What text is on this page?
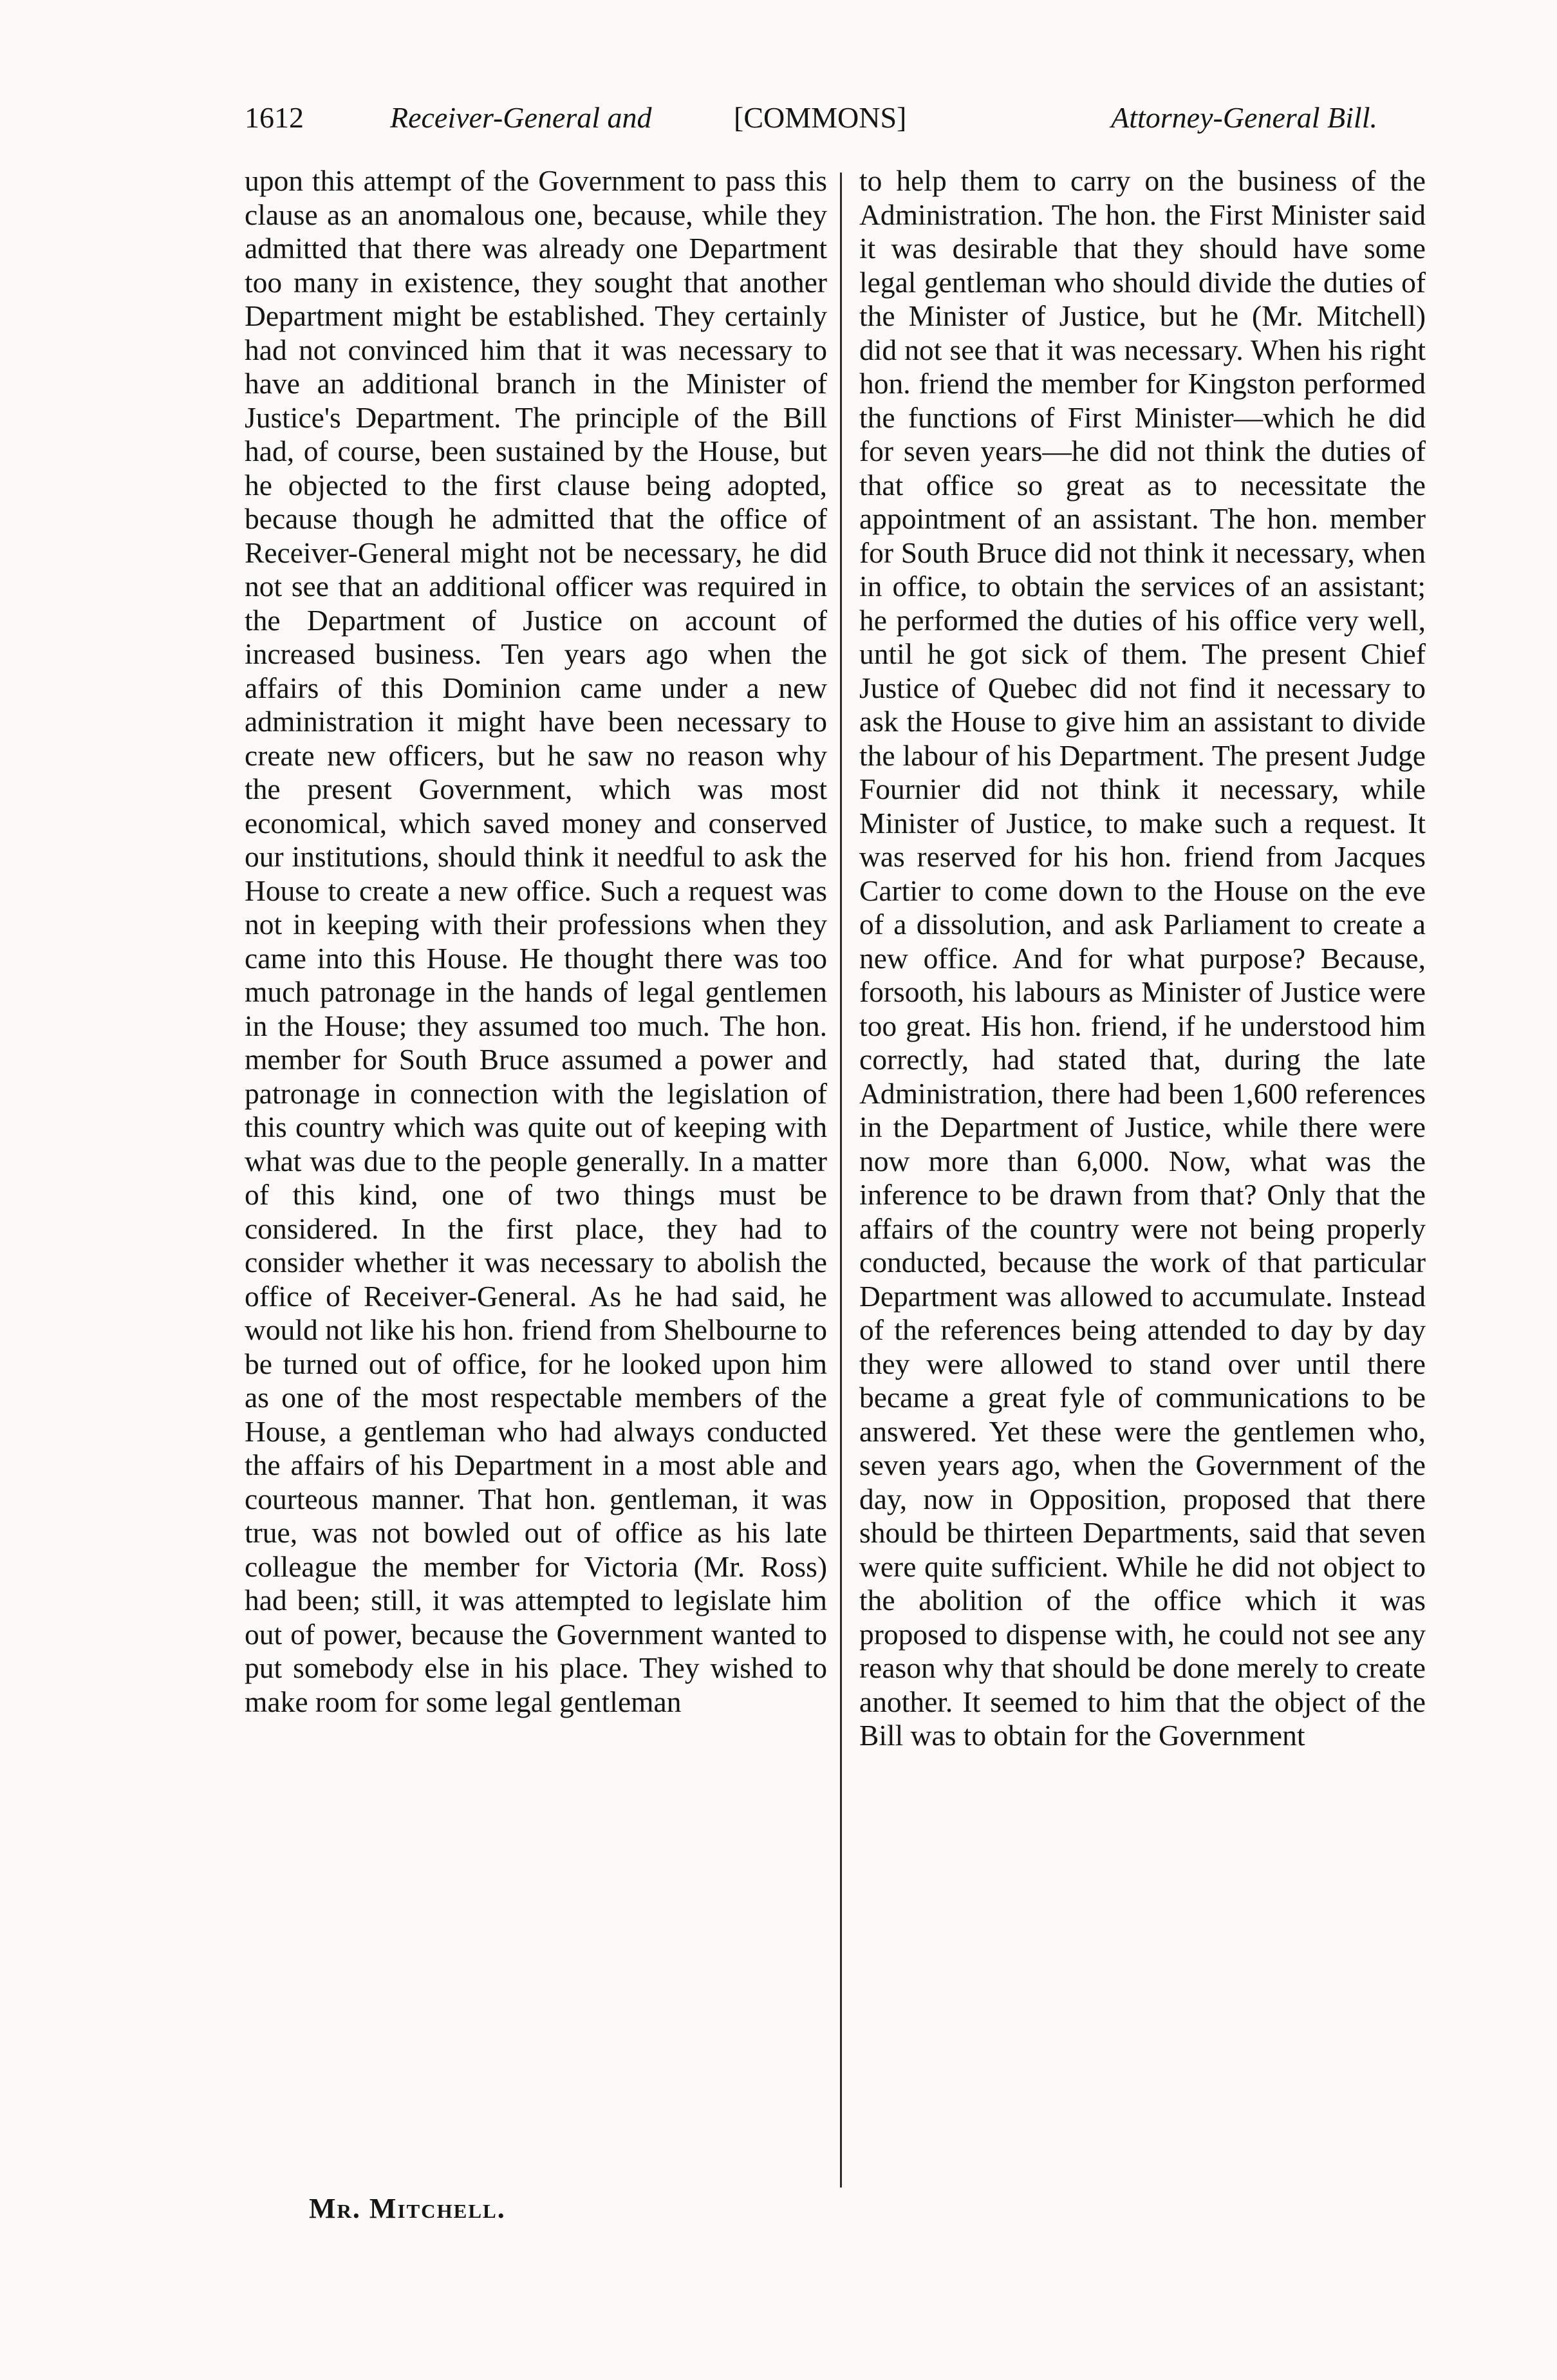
1612	Receiver-General and	[COMMONS]	Attorney-General Bill.

upon this attempt of the Government to pass this clause as an anomalous one, because, while they admitted that there was already one Department too many in existence, they sought that another Department might be established. They certainly had not convinced him that it was necessary to have an additional branch in the Minister of Justice's Department. The principle of the Bill had, of course, been sustained by the House, but he objected to the first clause being adopted, because though he admitted that the office of Receiver-General might not be necessary, he did not see that an additional officer was required in the Department of Justice on account of increased business. Ten years ago when the affairs of this Dominion came under a new administration it might have been necessary to create new officers, but he saw no reason why the present Government, which was most economical, which saved money and conserved our institutions, should think it needful to ask the House to create a new office. Such a request was not in keeping with their professions when they came into this House. He thought there was too much patronage in the hands of legal gentlemen in the House; they assumed too much. The hon. member for South Bruce assumed a power and patronage in connection with the legislation of this country which was quite out of keeping with what was due to the people generally. In a matter of this kind, one of two things must be considered. In the first place, they had to consider whether it was necessary to abolish the office of Receiver-General. As he had said, he would not like his hon. friend from Shelbourne to be turned out of office, for he looked upon him as one of the most respectable members of the House, a gentleman who had always conducted the affairs of his Department in a most able and courteous manner. That hon. gentleman, it was true, was not bowled out of office as his late colleague the member for Victoria (Mr. Ross) had been; still, it was attempted to legislate him out of power, because the Government wanted to put somebody else in his place. They wished to make room for some legal gentleman

to help them to carry on the business of the Administration. The hon. the First Minister said it was desirable that they should have some legal gentleman who should divide the duties of the Minister of Justice, but he (Mr. Mitchell) did not see that it was necessary. When his right hon. friend the member for Kingston performed the functions of First Minister—which he did for seven years—he did not think the duties of that office so great as to necessitate the appointment of an assistant. The hon. member for South Bruce did not think it necessary, when in office, to obtain the services of an assistant; he performed the duties of his office very well, until he got sick of them. The present Chief Justice of Quebec did not find it necessary to ask the House to give him an assistant to divide the labour of his Department. The present Judge Fournier did not think it necessary, while Minister of Justice, to make such a request. It was reserved for his hon. friend from Jacques Cartier to come down to the House on the eve of a dissolution, and ask Parliament to create a new office. And for what purpose? Because, forsooth, his labours as Minister of Justice were too great. His hon. friend, if he understood him correctly, had stated that, during the late Administration, there had been 1,600 references in the Department of Justice, while there were now more than 6,000. Now, what was the inference to be drawn from that? Only that the affairs of the country were not being properly conducted, because the work of that particular Department was allowed to accumulate. Instead of the references being attended to day by day they were allowed to stand over until there became a great fyle of communications to be answered. Yet these were the gentlemen who, seven years ago, when the Government of the day, now in Opposition, proposed that there should be thirteen Departments, said that seven were quite sufficient. While he did not object to the abolition of the office which it was proposed to dispense with, he could not see any reason why that should be done merely to create another. It seemed to him that the object of the Bill was to obtain for the Government

Mr. Mitchell.
